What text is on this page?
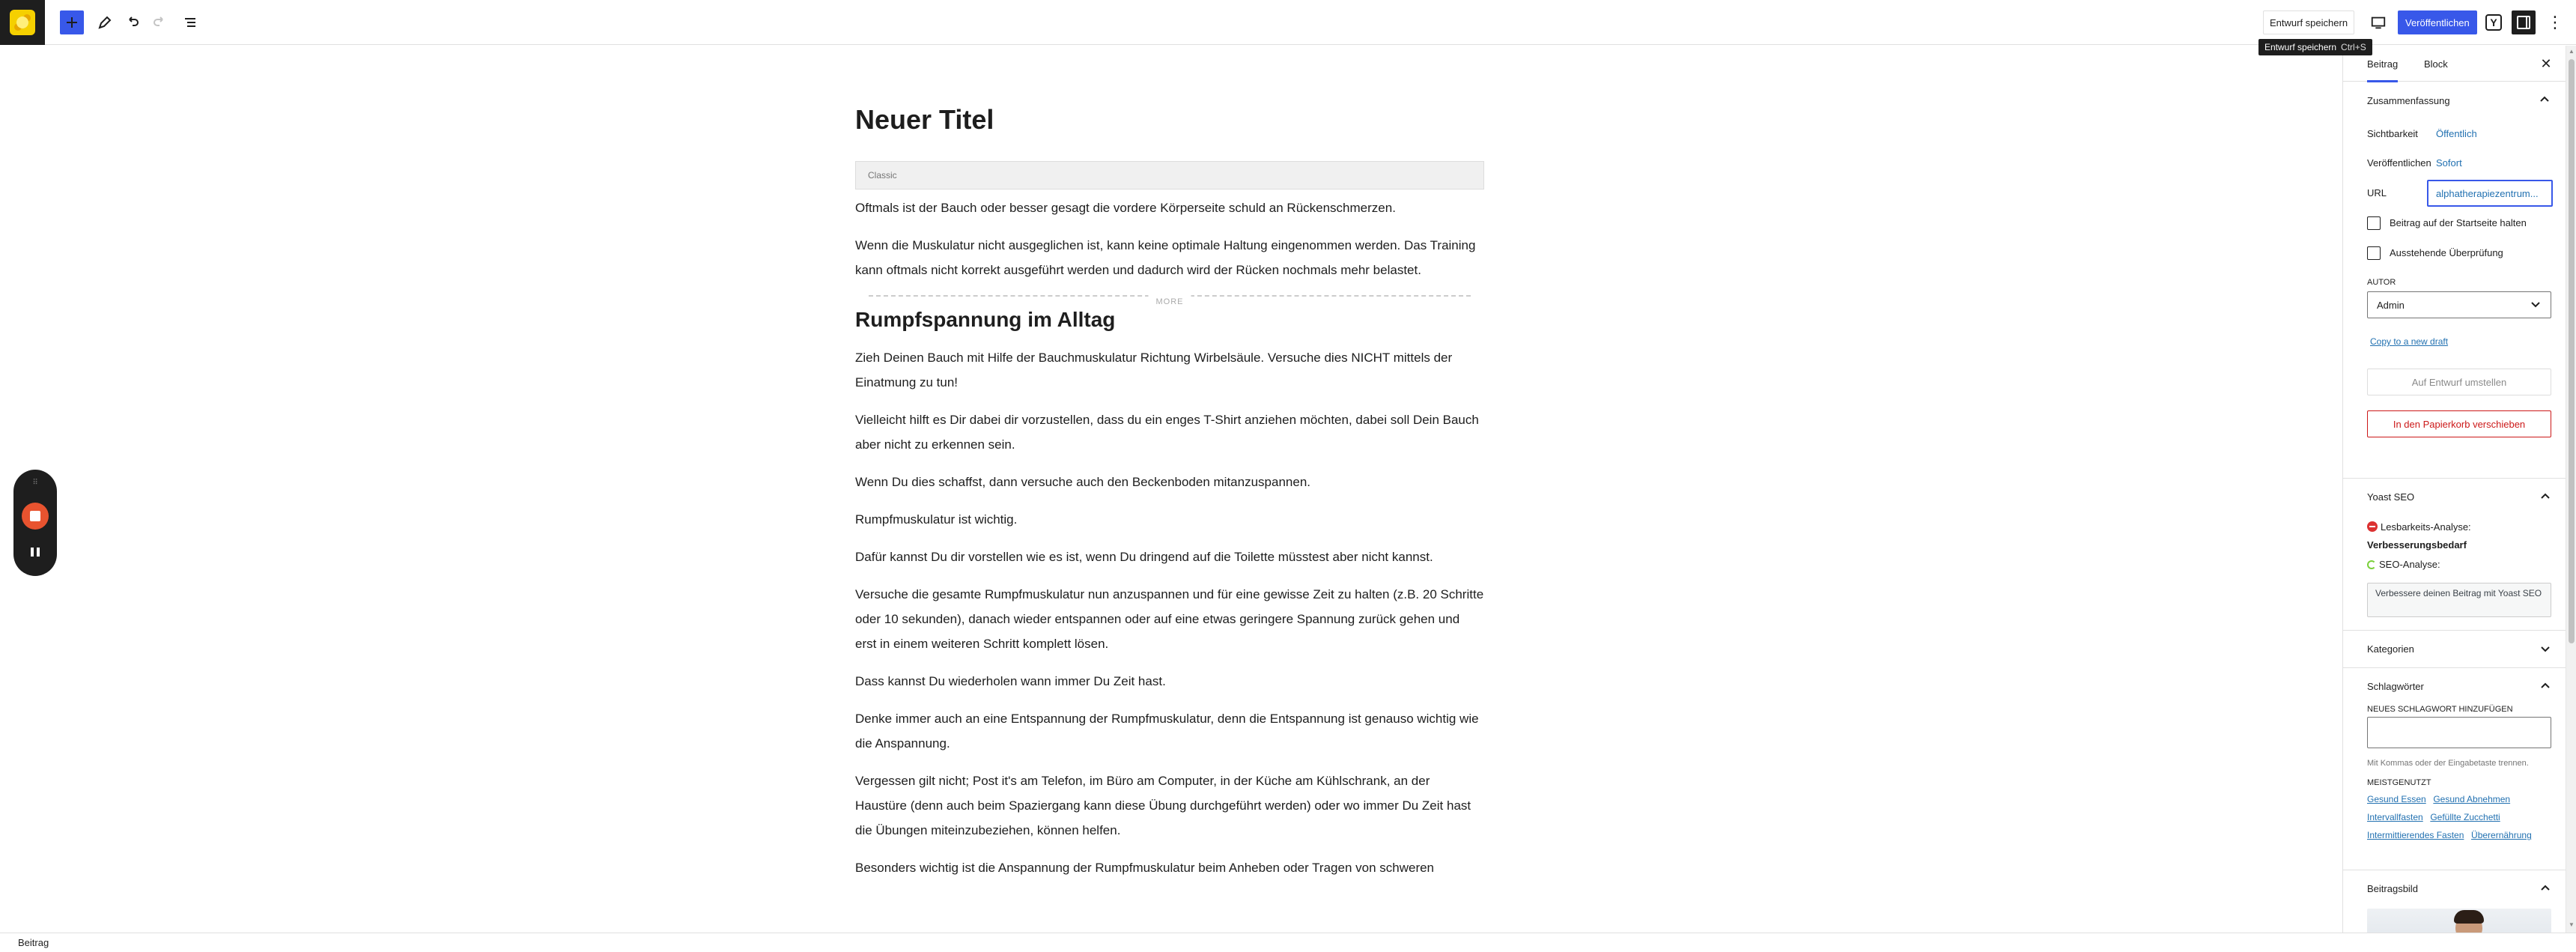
Entwurf speichern	Veröffentlichen	Y	⋮
Entwurf speichern Ctrl+S
Neuer Titel
Classic

Oftmals ist der Bauch oder besser gesagt die vordere Körperseite schuld an Rückenschmerzen.

Wenn die Muskulatur nicht ausgeglichen ist, kann keine optimale Haltung eingenommen werden. Das Training kann oftmals nicht korrekt ausgeführt werden und dadurch wird der Rücken nochmals mehr belastet.

MORE
Rumpfspannung im Alltag

Zieh Deinen Bauch mit Hilfe der Bauchmuskulatur Richtung Wirbelsäule. Versuche dies NICHT mittels der Einatmung zu tun!

Vielleicht hilft es Dir dabei dir vorzustellen, dass du ein enges T-Shirt anziehen möchten, dabei soll Dein Bauch aber nicht zu erkennen sein.

Wenn Du dies schaffst, dann versuche auch den Beckenboden mitanzuspannen.

Rumpfmuskulatur ist wichtig.

Dafür kannst Du dir vorstellen wie es ist, wenn Du dringend auf die Toilette müsstest aber nicht kannst.

Versuche die gesamte Rumpfmuskulatur nun anzuspannen und für eine gewisse Zeit zu halten (z.B. 20 Schritte oder 10 sekunden), danach wieder entspannen oder auf eine etwas geringere Spannung zurück gehen und erst in einem weiteren Schritt komplett lösen.

Dass kannst Du wiederholen wann immer Du Zeit hast.

Denke immer auch an eine Entspannung der Rumpfmuskulatur, denn die Entspannung ist genauso wichtig wie die Anspannung.

Vergessen gilt nicht; Post it's am Telefon, im Büro am Computer, in der Küche am Kühlschrank, an der Haustüre (denn auch beim Spaziergang kann diese Übung durchgeführt werden) oder wo immer Du Zeit hast die Übungen miteinzubeziehen, können helfen.

Besonders wichtig ist die Anspannung der Rumpfmuskulatur beim Anheben oder Tragen von schweren

⠿
Beitrag	Block	✕
Zusammenfassung
Sichtbarkeit Öffentlich
Veröffentlichen Sofort
URL	alphatherapiezentrum...
Beitrag auf der Startseite halten
Ausstehende Überprüfung
AUTOR
Admin
Copy to a new draft
Auf Entwurf umstellen
In den Papierkorb verschieben
Yoast SEO
Lesbarkeits-Analyse:
Verbesserungsbedarf
SEO-Analyse:
Verbessere deinen Beitrag mit Yoast SEO
Kategorien
Schlagwörter
NEUES SCHLAGWORT HINZUFÜGEN
Mit Kommas oder der Eingabetaste trennen.
MEISTGENUTZT
Gesund Essen Gesund Abnehmen
Intervallfasten Gefüllte Zucchetti
Intermittierendes Fasten Überernährung
Beitragsbild
▲
▼
Beitrag
